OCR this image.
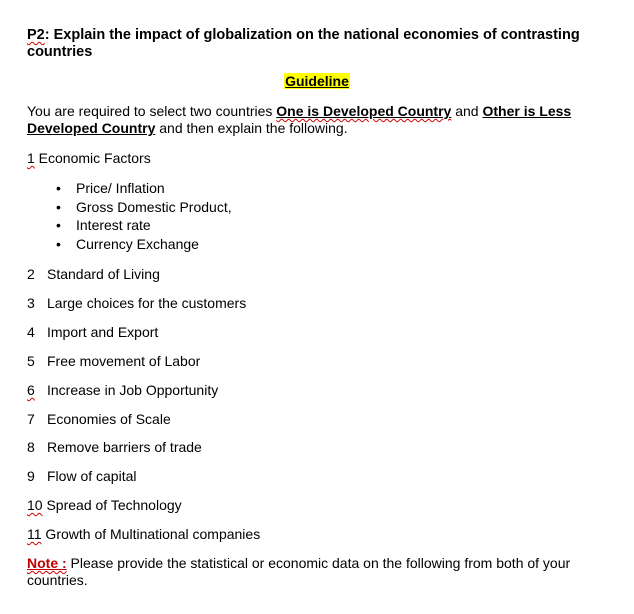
P2: Explain the impact of globalization on the national economies of contrasting countries
Guideline
You are required to select two countries One is Developed Country and Other is Less Developed Country and then explain the following.
1 Economic Factors
• Price/ Inflation
• Gross Domestic Product,
• Interest rate
• Currency Exchange
2 Standard of Living
3 Large choices for the customers
4 Import and Export
5 Free movement of Labor
6 Increase in Job Opportunity
7 Economies of Scale
8 Remove barriers of trade
9 Flow of capital
10 Spread of Technology
11 Growth of Multinational companies
Note : Please provide the statistical or economic data on the following from both of your countries.
